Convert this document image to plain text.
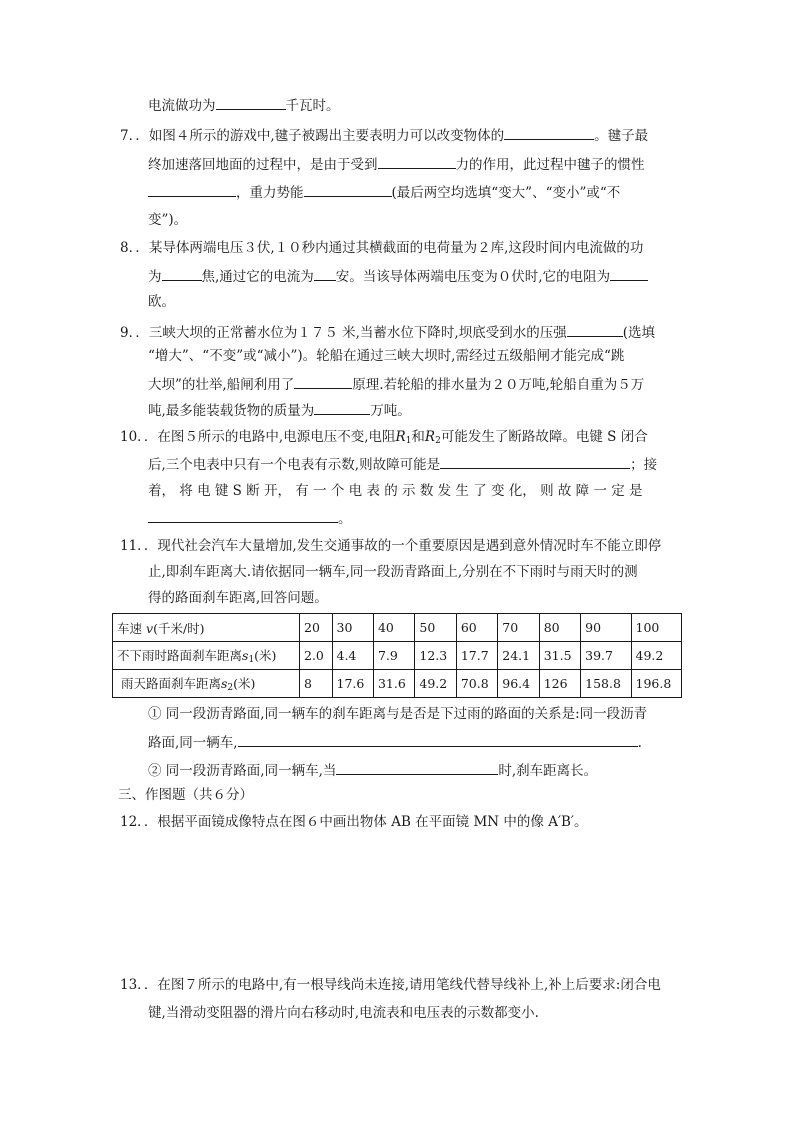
电流做功为	千瓦时。
7．．如图４所示的游戏中,毽子被踢出主要表明力可以改变物体的	。毽子最
终加速落回地面的过程中，是由于受到	力的作用，此过程中毽子的惯性
，重力势能	(最后两空均选填“变大”、“变小”或“不
变”)。
8．．某导体两端电压３伏,１０秒内通过其横截面的电荷量为２库,这段时间内电流做的功
为	焦,通过它的电流为 安。当该导体两端电压变为０伏时,它的电阻为
欧。
9．．三峡大坝的正常蓄水位为１７５ 米,当蓄水位下降时,坝底受到水的压强	(选填
“增大”、“不变”或“减小”)。轮船在通过三峡大坝时,需经过五级船闸才能完成“跳
大坝”的壮举,船闸利用了	原理.若轮船的排水量为２０万吨,轮船自重为５万
吨,最多能装载货物的质量为	万吨。
10．．在图５所示的电路中,电源电压不变,电阻$R_1$和$R_2$可能发生了断路故障。电键 S 闭合
后,三个电表中只有一个电表有示数,则故障可能是	；接
着， 将 电 键 S 断 开， 有 一 个 电 表 的 示 数 发 生 了 变 化， 则 故 障 一 定 是
。
11．．现代社会汽车大量增加,发生交通事故的一个重要原因是遇到意外情况时车不能立即停
止,即刹车距离大.请依据同一辆车,同一段沥青路面上,分别在不下雨时与雨天时的测
得的路面刹车距离,回答问题。
车速 v(千米/时)	20	30	40	50	60	70	80	90	100
不下雨时路面刹车距离$s_1$(米)	2.0	4.4	7.9	12.3	17.7	24.1	31.5	39.7	49.2
雨天路面刹车距离$s_2$(米)	8	17.6	31.6	49.2	70.8	96.4	126	158.8	196.8
① 同一段沥青路面,同一辆车的刹车距离与是否是下过雨的路面的关系是:同一段沥青
路面,同一辆车,	.
② 同一段沥青路面,同一辆车,当	时,刹车距离长。
三、作图题（共６分）
12．．根据平面镜成像特点在图６中画出物体 AB 在平面镜 MN 中的像 A′B′。
13．．在图７所示的电路中,有一根导线尚未连接,请用笔线代替导线补上,补上后要求:闭合电
键,当滑动变阻器的滑片向右移动时,电流表和电压表的示数都变小.
